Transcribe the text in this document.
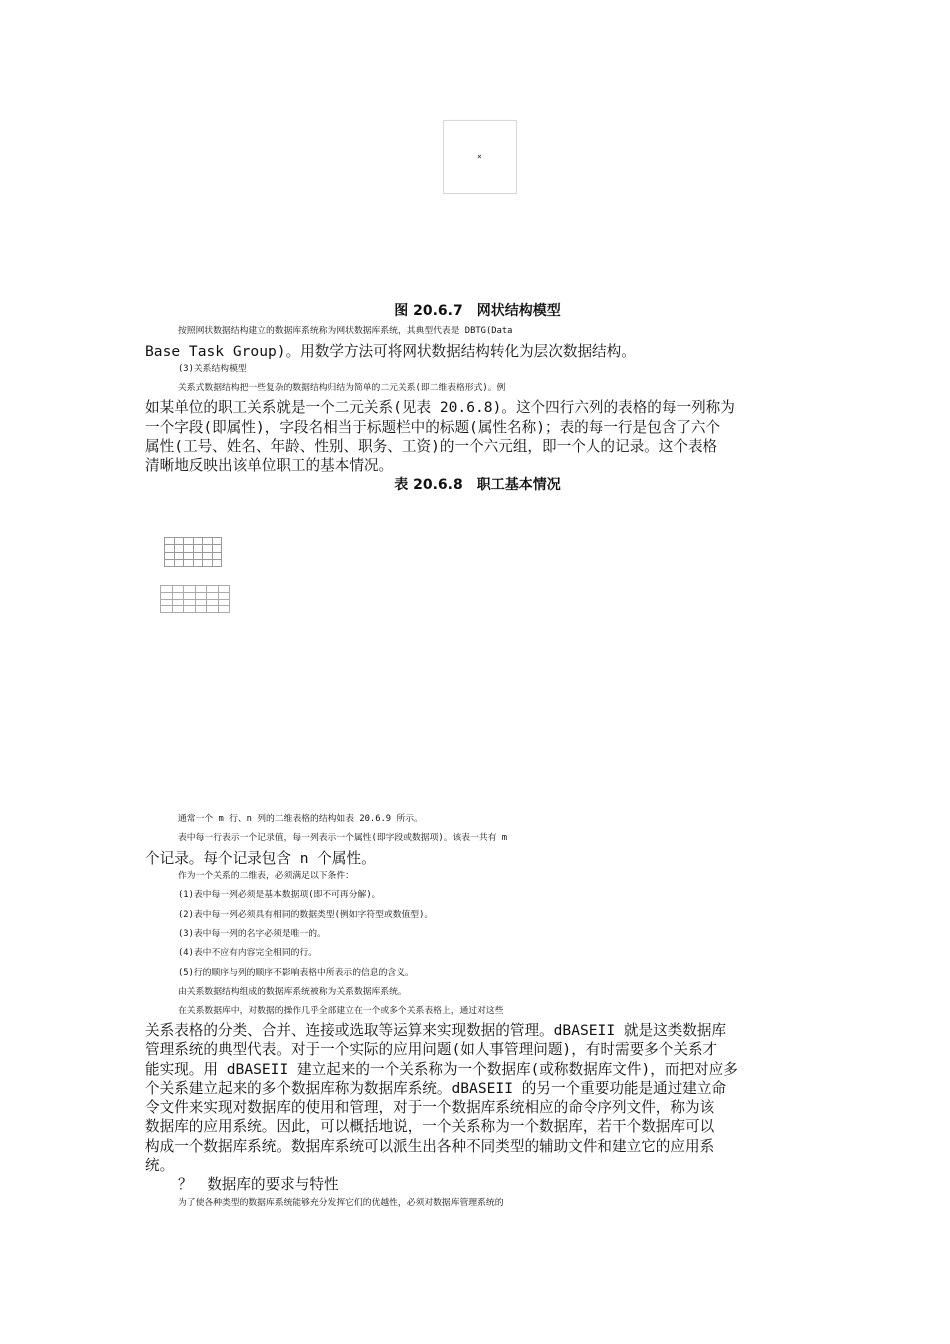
×
图 20.6.7　网状结构模型
按照网状数据结构建立的数据库系统称为网状数据库系统，其典型代表是 DBTG(Data
Base Task Group)。用数学方法可将网状数据结构转化为层次数据结构。
(3)关系结构模型
关系式数据结构把一些复杂的数据结构归结为简单的二元关系(即二维表格形式)。例
如某单位的职工关系就是一个二元关系(见表 20.6.8)。这个四行六列的表格的每一列称为
一个字段(即属性)，字段名相当于标题栏中的标题(属性名称)；表的每一行是包含了六个
属性(工号、姓名、年龄、性别、职务、工资)的一个六元组，即一个人的记录。这个表格
清晰地反映出该单位职工的基本情况。
表 20.6.8　职工基本情况

通常一个 m 行、n 列的二维表格的结构如表 20.6.9 所示。
表中每一行表示一个记录值，每一列表示一个属性(即字段或数据项)。该表一共有 m
个记录。每个记录包含 n 个属性。
作为一个关系的二维表，必须满足以下条件：
(1)表中每一列必须是基本数据项(即不可再分解)。
(2)表中每一列必须具有相同的数据类型(例如字符型或数值型)。
(3)表中每一列的名字必须是唯一的。
(4)表中不应有内容完全相同的行。
(5)行的顺序与列的顺序不影响表格中所表示的信息的含义。
由关系数据结构组成的数据库系统被称为关系数据库系统。
在关系数据库中，对数据的操作几乎全部建立在一个或多个关系表格上，通过对这些
关系表格的分类、合并、连接或选取等运算来实现数据的管理。dBASEII 就是这类数据库
管理系统的典型代表。对于一个实际的应用问题(如人事管理问题)，有时需要多个关系才
能实现。用 dBASEII 建立起来的一个关系称为一个数据库(或称数据库文件)，而把对应多
个关系建立起来的多个数据库称为数据库系统。dBASEII 的另一个重要功能是通过建立命
令文件来实现对数据库的使用和管理，对于一个数据库系统相应的命令序列文件，称为该
数据库的应用系统。因此，可以概括地说，一个关系称为一个数据库，若干个数据库可以
构成一个数据库系统。数据库系统可以派生出各种不同类型的辅助文件和建立它的应用系
统。
？　数据库的要求与特性
为了使各种类型的数据库系统能够充分发挥它们的优越性，必须对数据库管理系统的
